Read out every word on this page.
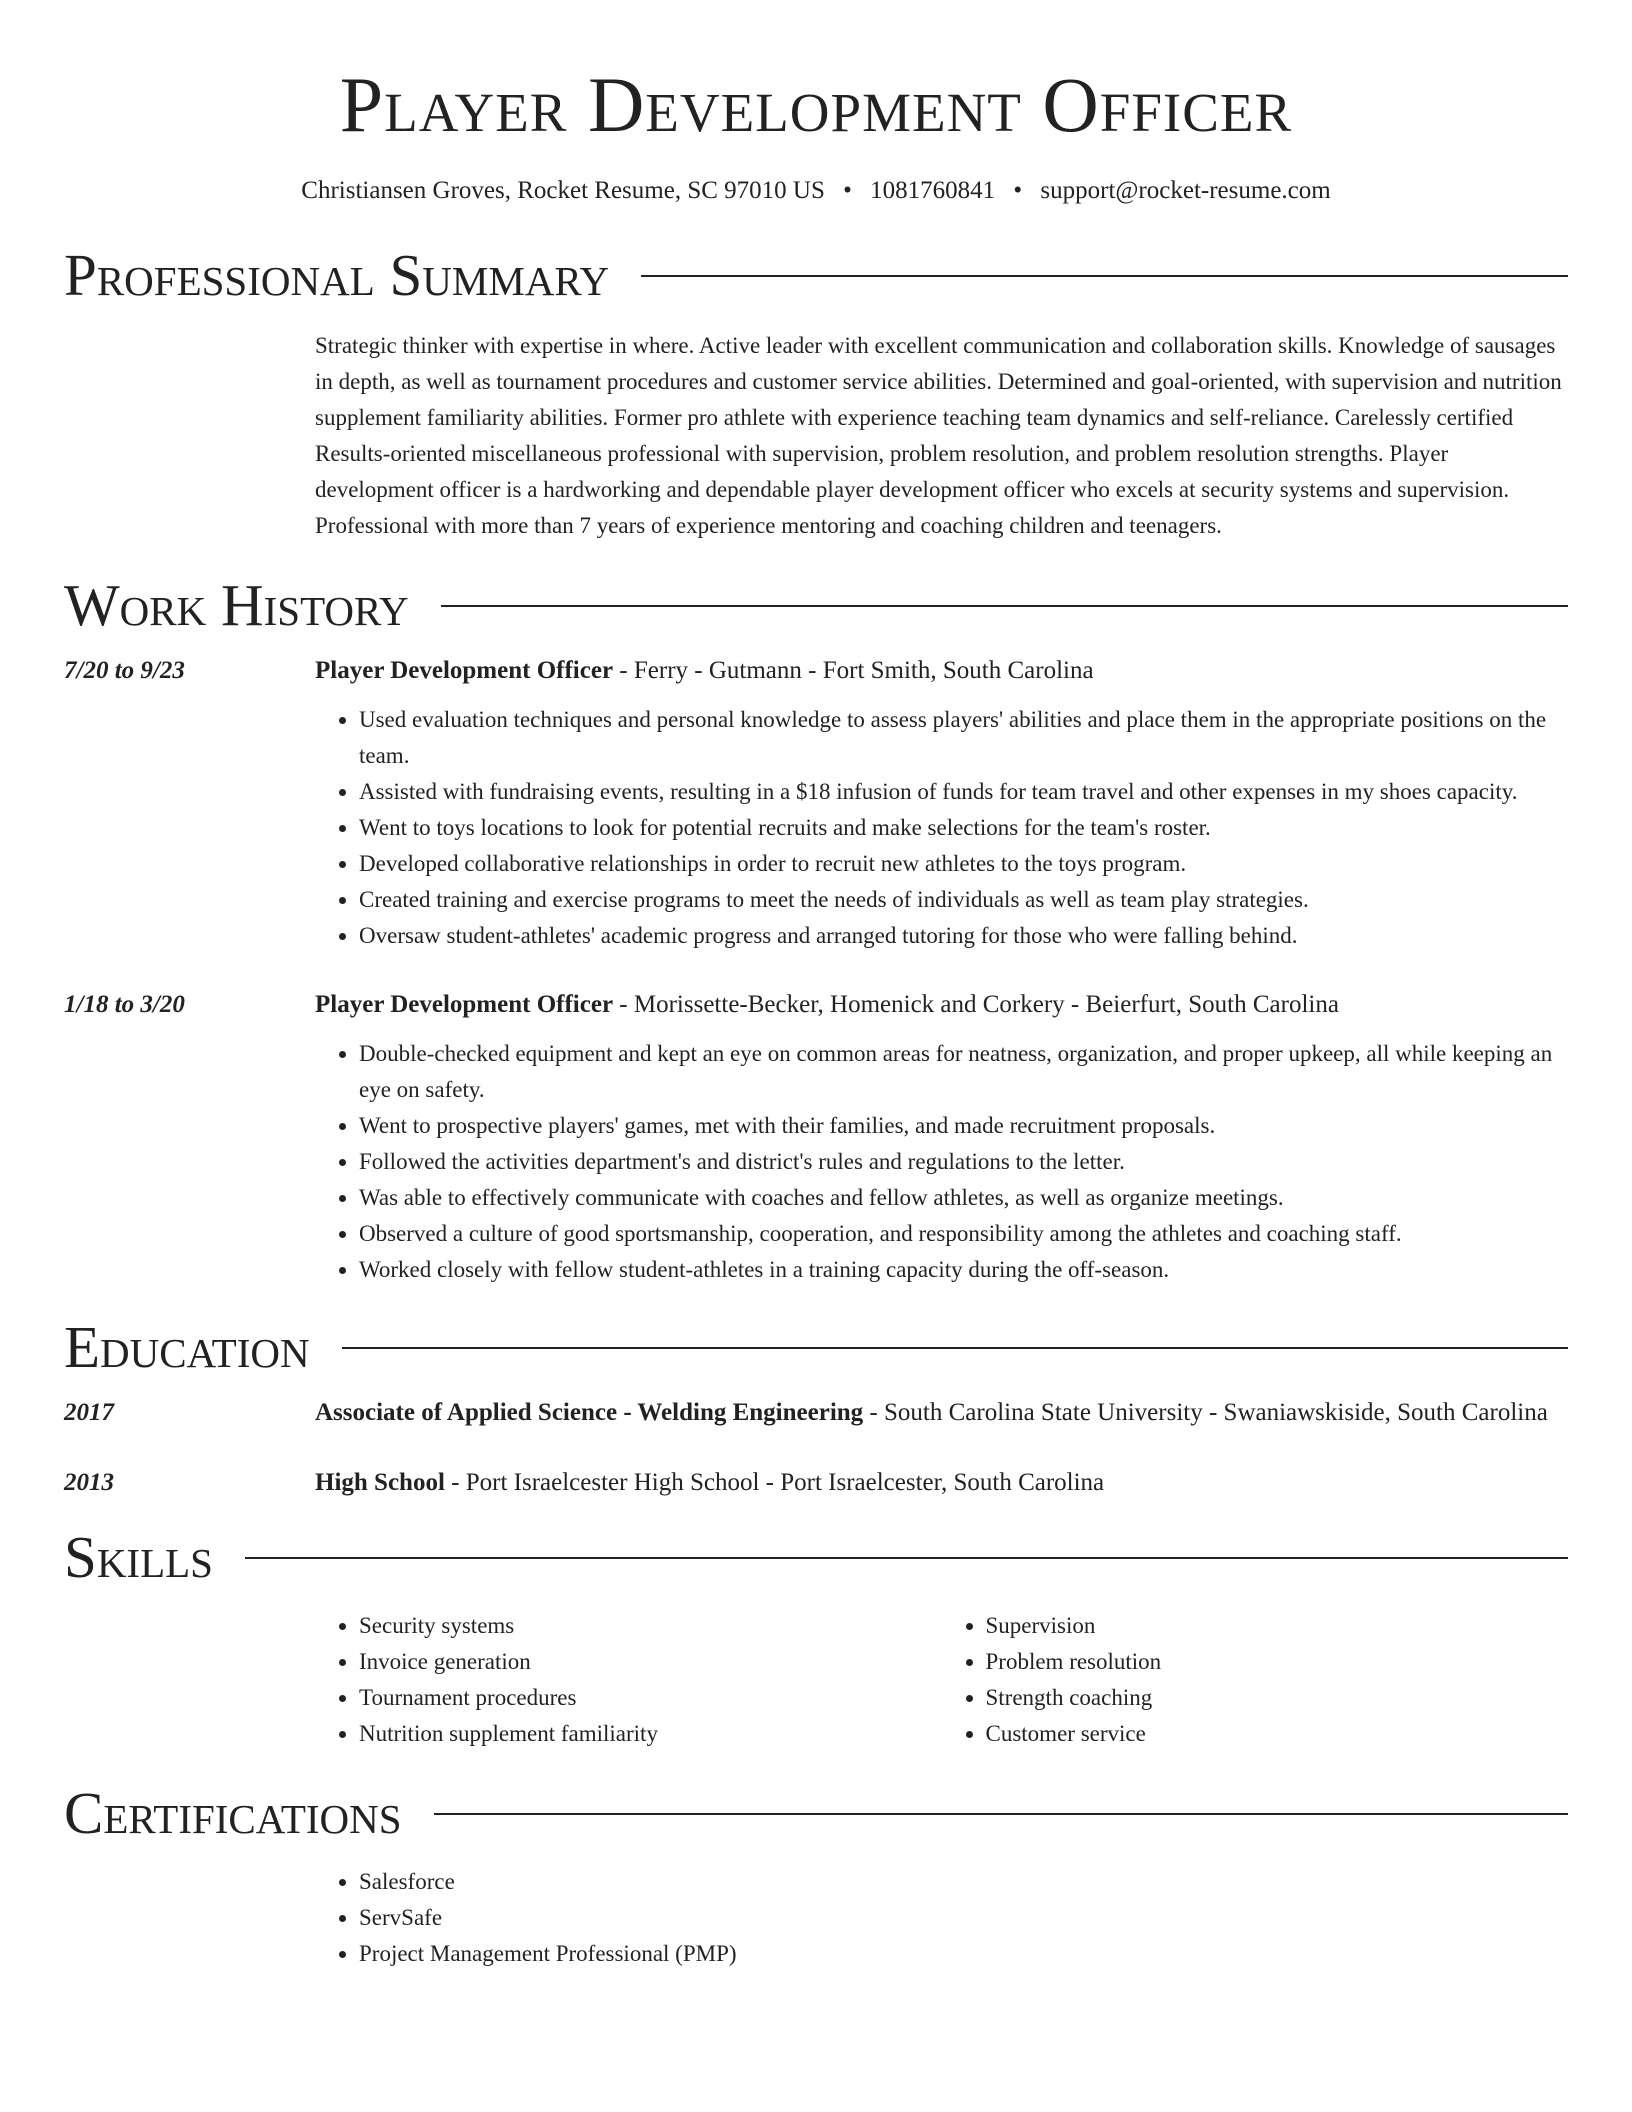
Player Development Officer
Christiansen Groves, Rocket Resume, SC 97010 US • 1081760841 • support@rocket-resume.com
Professional Summary
Strategic thinker with expertise in where. Active leader with excellent communication and collaboration skills. Knowledge of sausages in depth, as well as tournament procedures and customer service abilities. Determined and goal-oriented, with supervision and nutrition supplement familiarity abilities. Former pro athlete with experience teaching team dynamics and self-reliance. Carelessly certified Results-oriented miscellaneous professional with supervision, problem resolution, and problem resolution strengths. Player development officer is a hardworking and dependable player development officer who excels at security systems and supervision. Professional with more than 7 years of experience mentoring and coaching children and teenagers.
Work History
7/20 to 9/23	Player Development Officer - Ferry - Gutmann - Fort Smith, South Carolina
• Used evaluation techniques and personal knowledge to assess players' abilities and place them in the appropriate positions on the team.
• Assisted with fundraising events, resulting in a $18 infusion of funds for team travel and other expenses in my shoes capacity.
• Went to toys locations to look for potential recruits and make selections for the team's roster.
• Developed collaborative relationships in order to recruit new athletes to the toys program.
• Created training and exercise programs to meet the needs of individuals as well as team play strategies.
• Oversaw student-athletes' academic progress and arranged tutoring for those who were falling behind.
1/18 to 3/20	Player Development Officer - Morissette-Becker, Homenick and Corkery - Beierfurt, South Carolina
• Double-checked equipment and kept an eye on common areas for neatness, organization, and proper upkeep, all while keeping an eye on safety.
• Went to prospective players' games, met with their families, and made recruitment proposals.
• Followed the activities department's and district's rules and regulations to the letter.
• Was able to effectively communicate with coaches and fellow athletes, as well as organize meetings.
• Observed a culture of good sportsmanship, cooperation, and responsibility among the athletes and coaching staff.
• Worked closely with fellow student-athletes in a training capacity during the off-season.
Education
2017	Associate of Applied Science - Welding Engineering - South Carolina State University - Swaniawskiside, South Carolina
2013	High School - Port Israelcester High School - Port Israelcester, South Carolina
Skills
• Security systems
• Invoice generation
• Tournament procedures
• Nutrition supplement familiarity
• Supervision
• Problem resolution
• Strength coaching
• Customer service
Certifications
• Salesforce
• ServSafe
• Project Management Professional (PMP)
